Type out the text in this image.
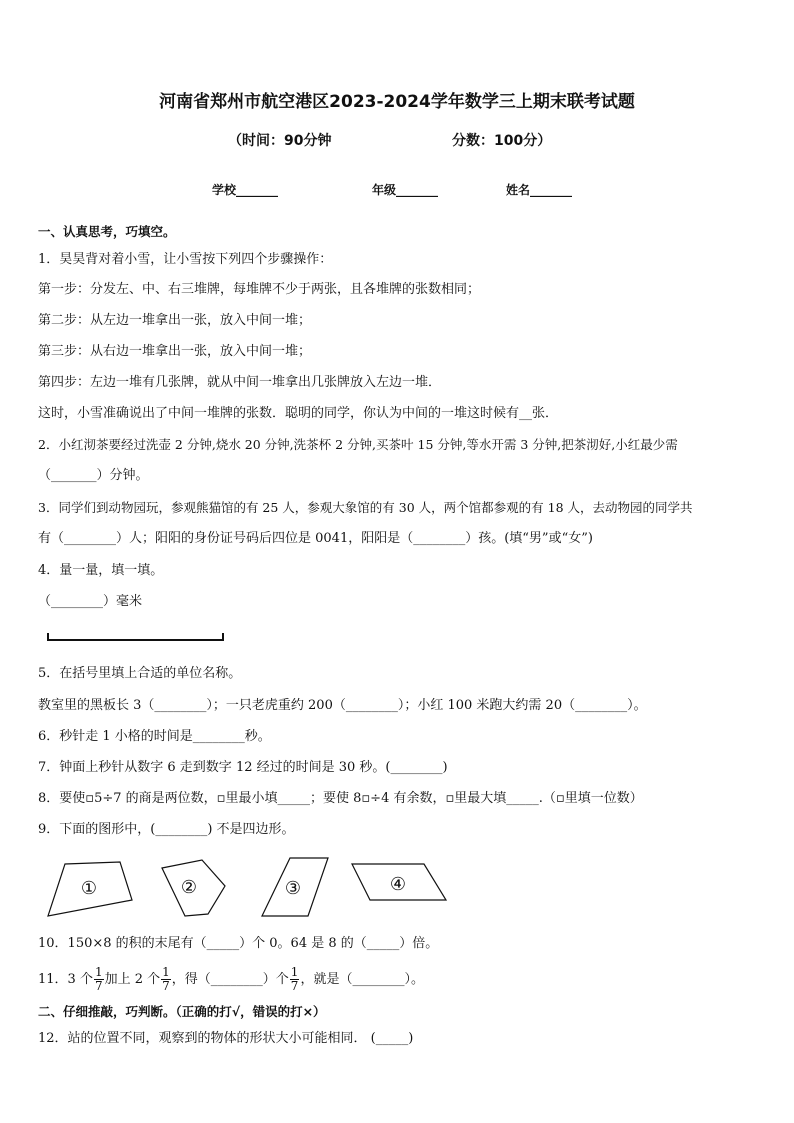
河南省郑州市航空港区2023-2024学年数学三上期末联考试题
（时间：90分钟	分数：100分）
学校_______	年级_______	姓名_______
一、认真思考，巧填空。
1．昊昊背对着小雪，让小雪按下列四个步骤操作：
第一步：分发左、中、右三堆牌，每堆牌不少于两张，且各堆牌的张数相同；
第二步：从左边一堆拿出一张，放入中间一堆；
第三步：从右边一堆拿出一张，放入中间一堆；
第四步：左边一堆有几张牌，就从中间一堆拿出几张牌放入左边一堆．
这时，小雪准确说出了中间一堆牌的张数．聪明的同学，你认为中间的一堆这时候有__张．
2．小红沏茶要经过洗壶 2 分钟,烧水 20 分钟,洗茶杯 2 分钟,买茶叶 15 分钟,等水开需 3 分钟,把茶沏好,小红最少需
（_______）分钟。
3．同学们到动物园玩，参观熊猫馆的有 25 人，参观大象馆的有 30 人，两个馆都参观的有 18 人，去动物园的同学共
有（________）人；阳阳的身份证号码后四位是 0041，阳阳是（________）孩。(填“男”或“女”)
4．量一量，填一填。
（________）毫米
5．在括号里填上合适的单位名称。
教室里的黑板长 3（________）；一只老虎重约 200（________）；小红 100 米跑大约需 20（________）。
6．秒针走 1 小格的时间是________秒。
7．钟面上秒针从数字 6 走到数字 12 经过的时间是 30 秒。(________)
8．要使▫5÷7 的商是两位数，▫里最小填_____；要使 8▫÷4 有余数，▫里最大填_____.（▫里填一位数）
9．下面的图形中，(________) 不是四边形。
①	②	③	④
10．150×8 的积的末尾有（_____）个 0。64 是 8 的（_____）倍。
11．3 个 $\frac{1}{7}$ 加上 2 个 $\frac{1}{7}$ ，得（________）个 $\frac{1}{7}$ ，就是（________）。
二、仔细推敲，巧判断。（正确的打√，错误的打×）
12．站的位置不同，观察到的物体的形状大小可能相同． (_____)
